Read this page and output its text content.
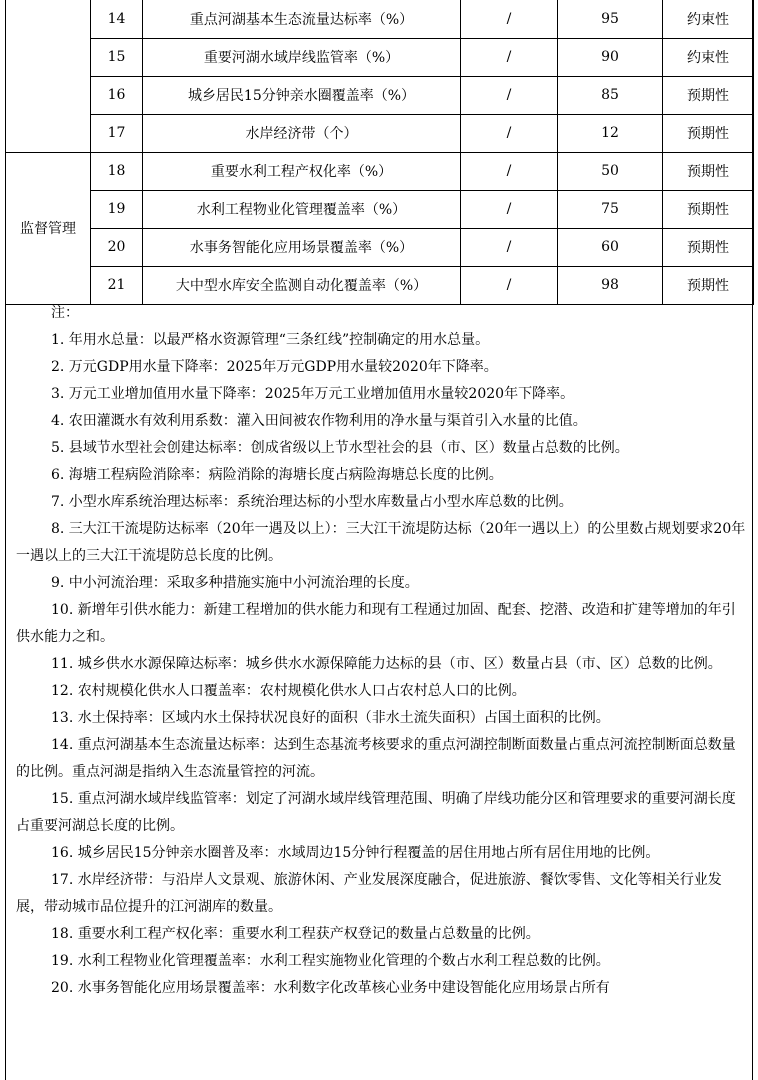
	14	重点河湖基本生态流量达标率（%）	/	95	约束性
	15	重要河湖水域岸线监管率（%）	/	90	约束性
	16	城乡居民15分钟亲水圈覆盖率（%）	/	85	预期性
	17	水岸经济带（个）	/	12	预期性
监督管理	18	重要水利工程产权化率（%）	/	50	预期性
	19	水利工程物业化管理覆盖率（%）	/	75	预期性
	20	水事务智能化应用场景覆盖率（%）	/	60	预期性
	21	大中型水库安全监测自动化覆盖率（%）	/	98	预期性

注：

1. 年用水总量：以最严格水资源管理“三条红线”控制确定的用水总量。

2. 万元GDP用水量下降率：2025年万元GDP用水量较2020年下降率。

3. 万元工业增加值用水量下降率：2025年万元工业增加值用水量较2020年下降率。

4. 农田灌溉水有效利用系数：灌入田间被农作物利用的净水量与渠首引入水量的比值。

5. 县域节水型社会创建达标率：创成省级以上节水型社会的县（市、区）数量占总数的比例。

6. 海塘工程病险消除率：病险消除的海塘长度占病险海塘总长度的比例。

7. 小型水库系统治理达标率：系统治理达标的小型水库数量占小型水库总数的比例。

8. 三大江干流堤防达标率（20年一遇及以上）：三大江干流堤防达标（20年一遇以上）的公里数占规划要求20年一遇以上的三大江干流堤防总长度的比例。

9. 中小河流治理：采取多种措施实施中小河流治理的长度。

10. 新增年引供水能力：新建工程增加的供水能力和现有工程通过加固、配套、挖潜、改造和扩建等增加的年引供水能力之和。

11. 城乡供水水源保障达标率：城乡供水水源保障能力达标的县（市、区）数量占县（市、区）总数的比例。

12. 农村规模化供水人口覆盖率：农村规模化供水人口占农村总人口的比例。

13. 水土保持率：区域内水土保持状况良好的面积（非水土流失面积）占国土面积的比例。

14. 重点河湖基本生态流量达标率：达到生态基流考核要求的重点河湖控制断面数量占重点河流控制断面总数量的比例。重点河湖是指纳入生态流量管控的河流。

15. 重点河湖水域岸线监管率：划定了河湖水域岸线管理范围、明确了岸线功能分区和管理要求的重要河湖长度占重要河湖总长度的比例。

16. 城乡居民15分钟亲水圈普及率：水域周边15分钟行程覆盖的居住用地占所有居住用地的比例。

17. 水岸经济带：与沿岸人文景观、旅游休闲、产业发展深度融合，促进旅游、餐饮零售、文化等相关行业发展，带动城市品位提升的江河湖库的数量。

18. 重要水利工程产权化率：重要水利工程获产权登记的数量占总数量的比例。

19. 水利工程物业化管理覆盖率：水利工程实施物业化管理的个数占水利工程总数的比例。

20. 水事务智能化应用场景覆盖率：水利数字化改革核心业务中建设智能化应用场景占所有
